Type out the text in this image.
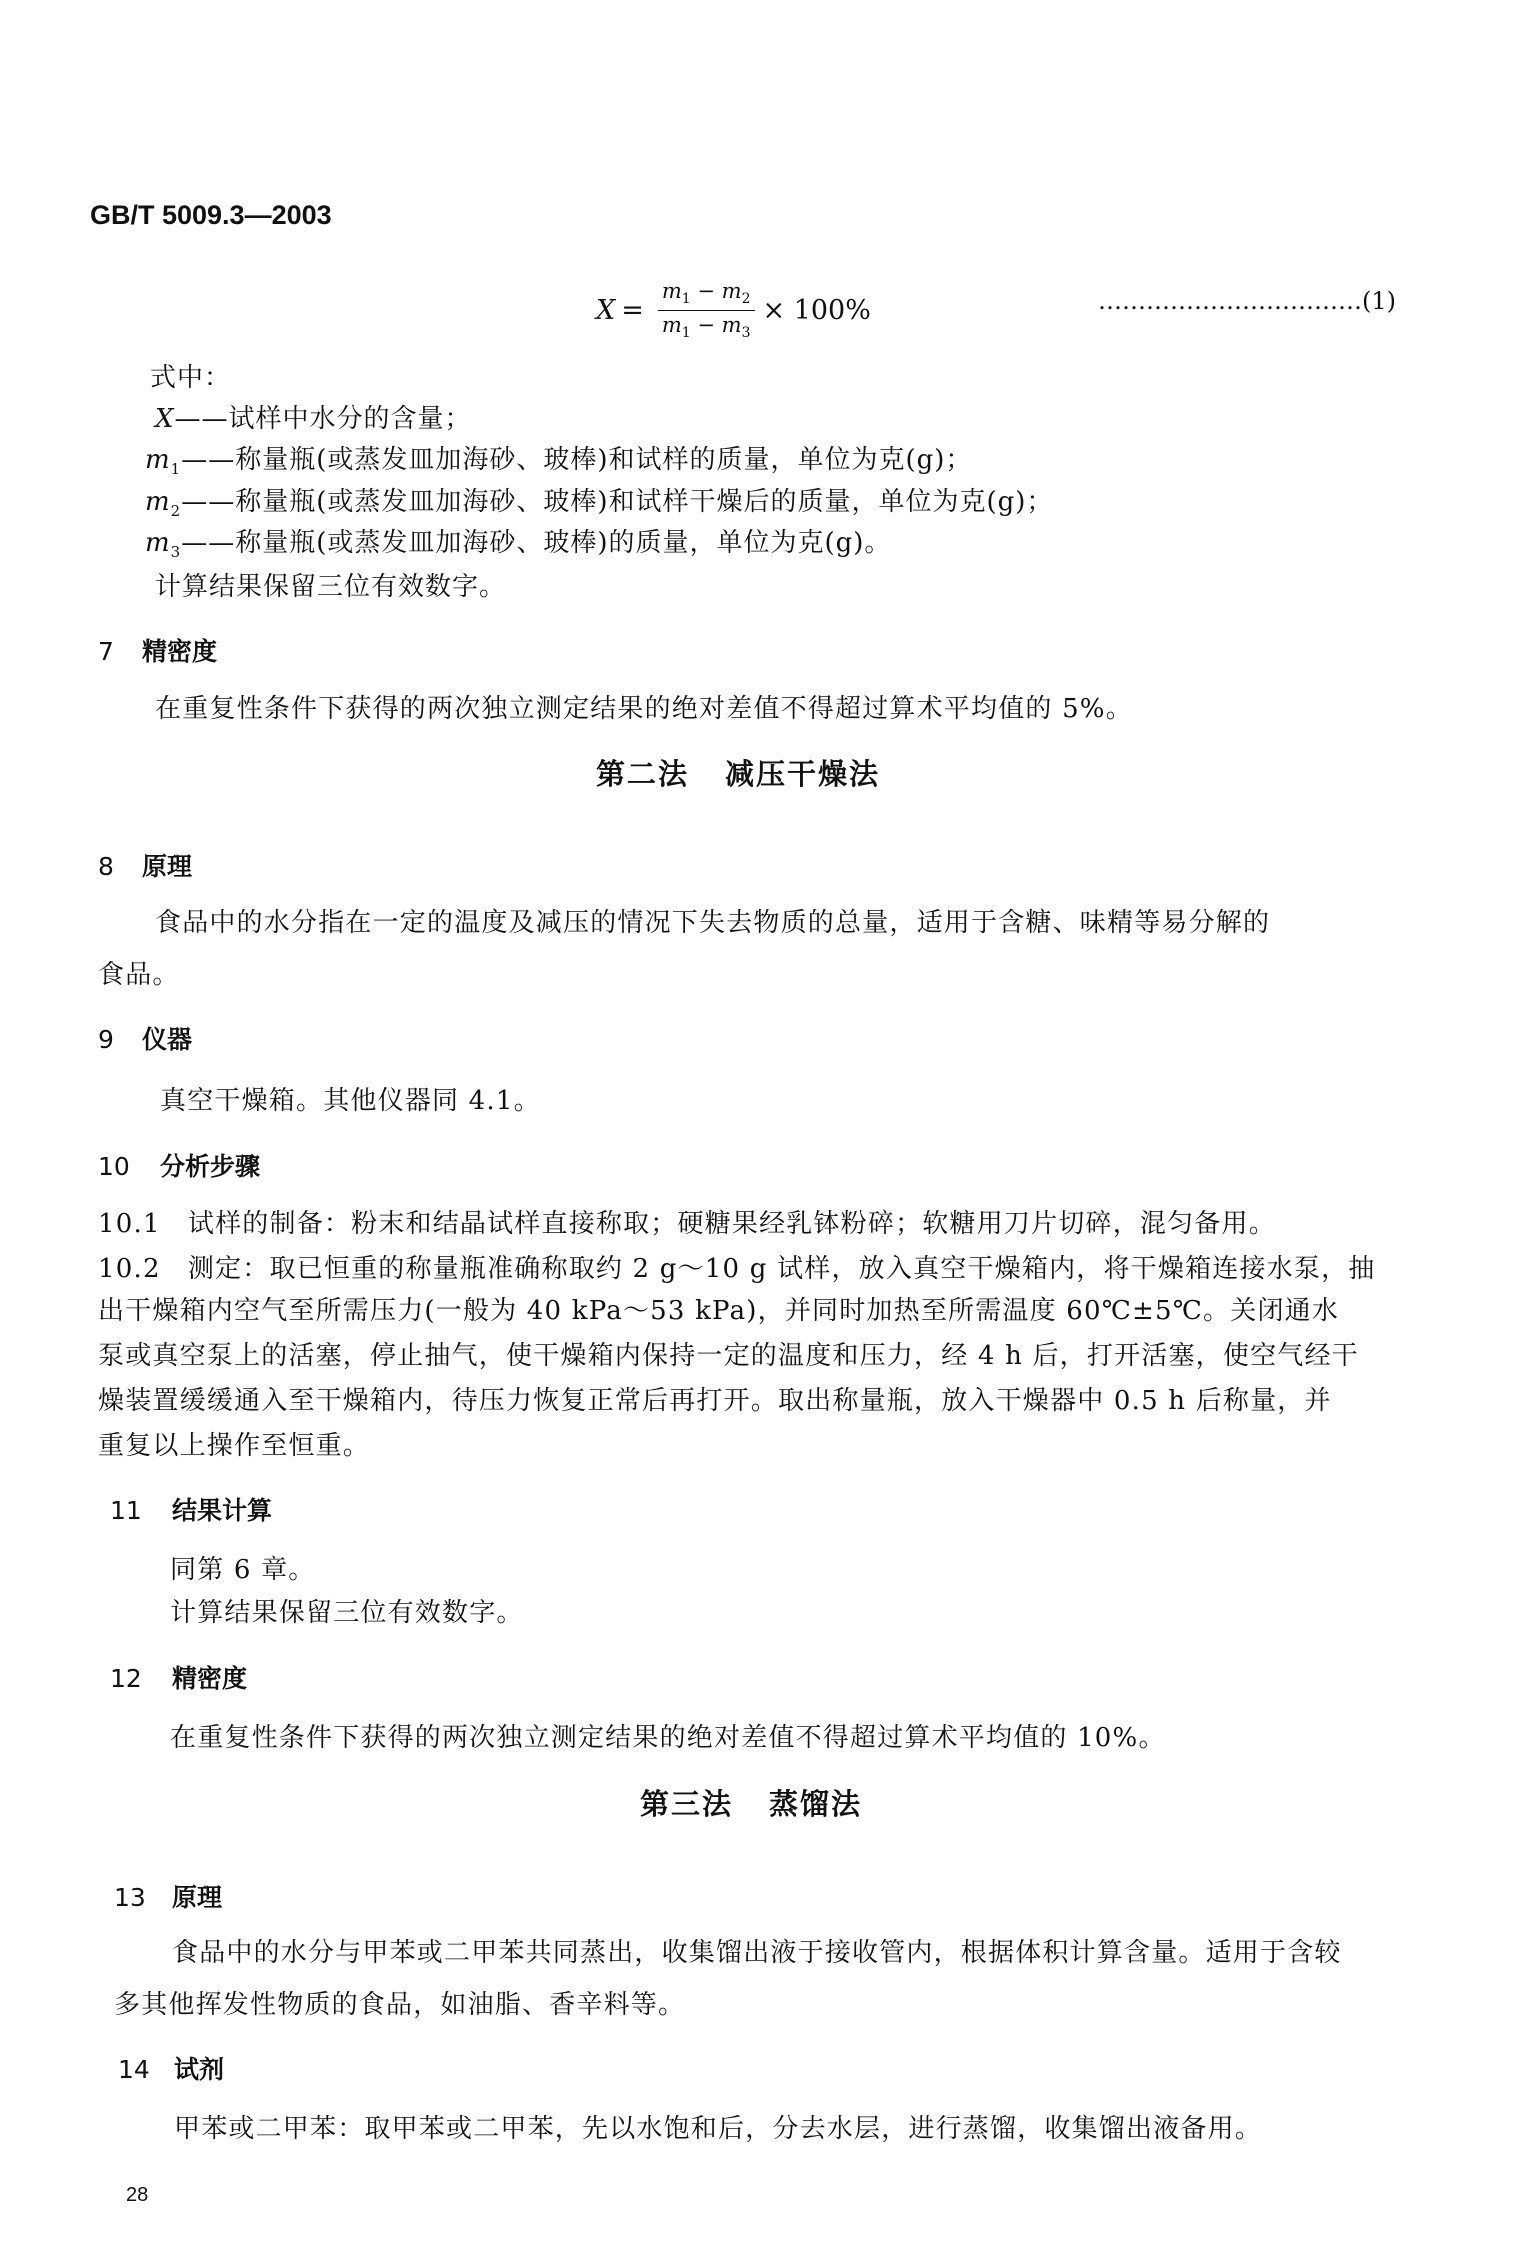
GB/T 5009.3—2003
$X = \frac{m_1 - m_2}{m_1 - m_3} \times 100\%$	……………………………(1)
式中：
X——试样中水分的含量；
$m_1——$称量瓶(或蒸发皿加海砂、玻棒)和试样的质量，单位为克(g)；
$m_2——$称量瓶(或蒸发皿加海砂、玻棒)和试样干燥后的质量，单位为克(g)；
$m_3——$称量瓶(或蒸发皿加海砂、玻棒)的质量，单位为克(g)。
计算结果保留三位有效数字。
7 精密度
在重复性条件下获得的两次独立测定结果的绝对差值不得超过算术平均值的 5%。
第二法 减压干燥法
8 原理
食品中的水分指在一定的温度及减压的情况下失去物质的总量，适用于含糖、味精等易分解的
食品。
9 仪器
真空干燥箱。其他仪器同 4.1。
10 分析步骤
10.1　试样的制备：粉末和结晶试样直接称取；硬糖果经乳钵粉碎；软糖用刀片切碎，混匀备用。
10.2　测定：取已恒重的称量瓶准确称取约 2 g～10 g 试样，放入真空干燥箱内，将干燥箱连接水泵，抽
出干燥箱内空气至所需压力(一般为 40 kPa～53 kPa)，并同时加热至所需温度 60℃±5℃。关闭通水
泵或真空泵上的活塞，停止抽气，使干燥箱内保持一定的温度和压力，经 4 h 后，打开活塞，使空气经干
燥装置缓缓通入至干燥箱内，待压力恢复正常后再打开。取出称量瓶，放入干燥器中 0.5 h 后称量，并
重复以上操作至恒重。
11 结果计算
同第 6 章。
计算结果保留三位有效数字。
12 精密度
在重复性条件下获得的两次独立测定结果的绝对差值不得超过算术平均值的 10%。
第三法 蒸馏法
13 原理
食品中的水分与甲苯或二甲苯共同蒸出，收集馏出液于接收管内，根据体积计算含量。适用于含较
多其他挥发性物质的食品，如油脂、香辛料等。
14 试剂
甲苯或二甲苯：取甲苯或二甲苯，先以水饱和后，分去水层，进行蒸馏，收集馏出液备用。
28
